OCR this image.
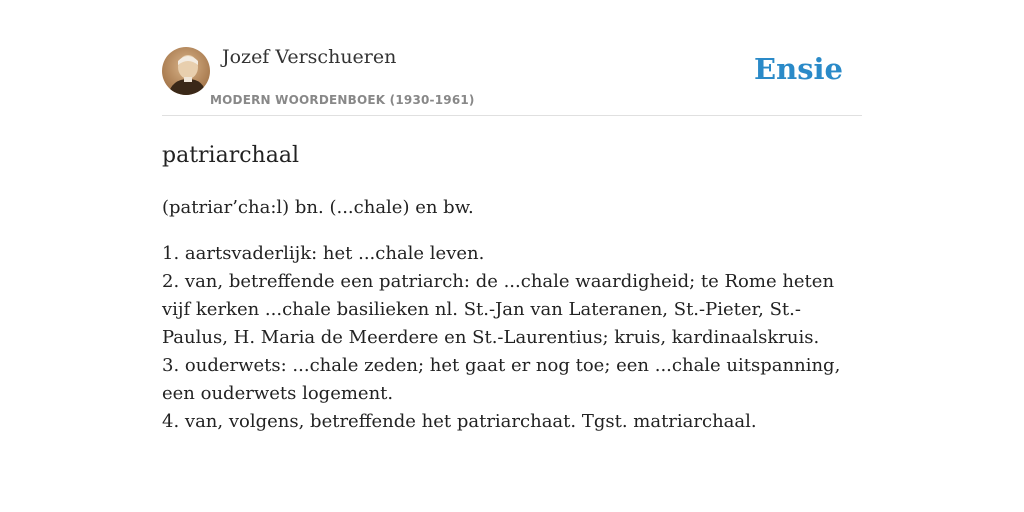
Jozef Verschueren
MODERN WOORDENBOEK (1930-1961)
Ensie
patriarchaal

(patriar’cha:l) bn. (...chale) en bw.

1. aartsvaderlijk: het ...chale leven.
2. van, betreffende een patriarch: de ...chale waardigheid; te Rome heten vijf kerken ...chale basilieken nl. St.-Jan van Lateranen, St.-Pieter, St.-Paulus, H. Maria de Meerdere en St.-Laurentius; kruis, kardinaalskruis.
3. ouderwets: ...chale zeden; het gaat er nog toe; een ...chale uitspanning, een ouderwets logement.
4. van, volgens, betreffende het patriarchaat. Tgst. matriarchaal.
